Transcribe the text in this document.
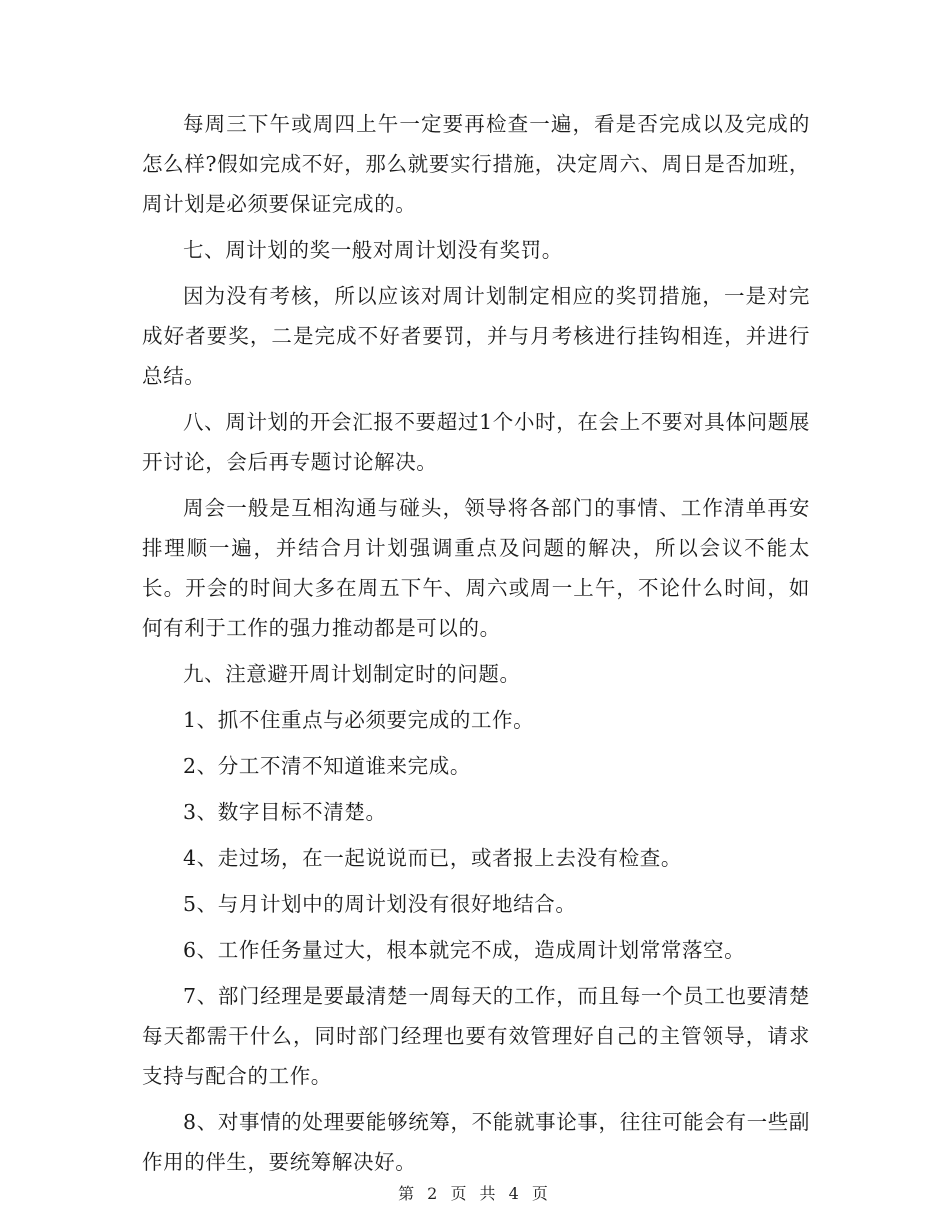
每周三下午或周四上午一定要再检查一遍，看是否完成以及完成的怎么样?假如完成不好，那么就要实行措施，决定周六、周日是否加班，周计划是必须要保证完成的。

七、周计划的奖一般对周计划没有奖罚。

因为没有考核，所以应该对周计划制定相应的奖罚措施，一是对完成好者要奖，二是完成不好者要罚，并与月考核进行挂钩相连，并进行总结。

八、周计划的开会汇报不要超过1个小时，在会上不要对具体问题展开讨论，会后再专题讨论解决。

周会一般是互相沟通与碰头，领导将各部门的事情、工作清单再安排理顺一遍，并结合月计划强调重点及问题的解决，所以会议不能太长。开会的时间大多在周五下午、周六或周一上午，不论什么时间，如何有利于工作的强力推动都是可以的。

九、注意避开周计划制定时的问题。

1、抓不住重点与必须要完成的工作。

2、分工不清不知道谁来完成。

3、数字目标不清楚。

4、走过场，在一起说说而已，或者报上去没有检查。

5、与月计划中的周计划没有很好地结合。

6、工作任务量过大，根本就完不成，造成周计划常常落空。

7、部门经理是要最清楚一周每天的工作，而且每一个员工也要清楚每天都需干什么，同时部门经理也要有效管理好自己的主管领导，请求支持与配合的工作。

8、对事情的处理要能够统筹，不能就事论事，往往可能会有一些副作用的伴生，要统筹解决好。

第 2 页 共 4 页
